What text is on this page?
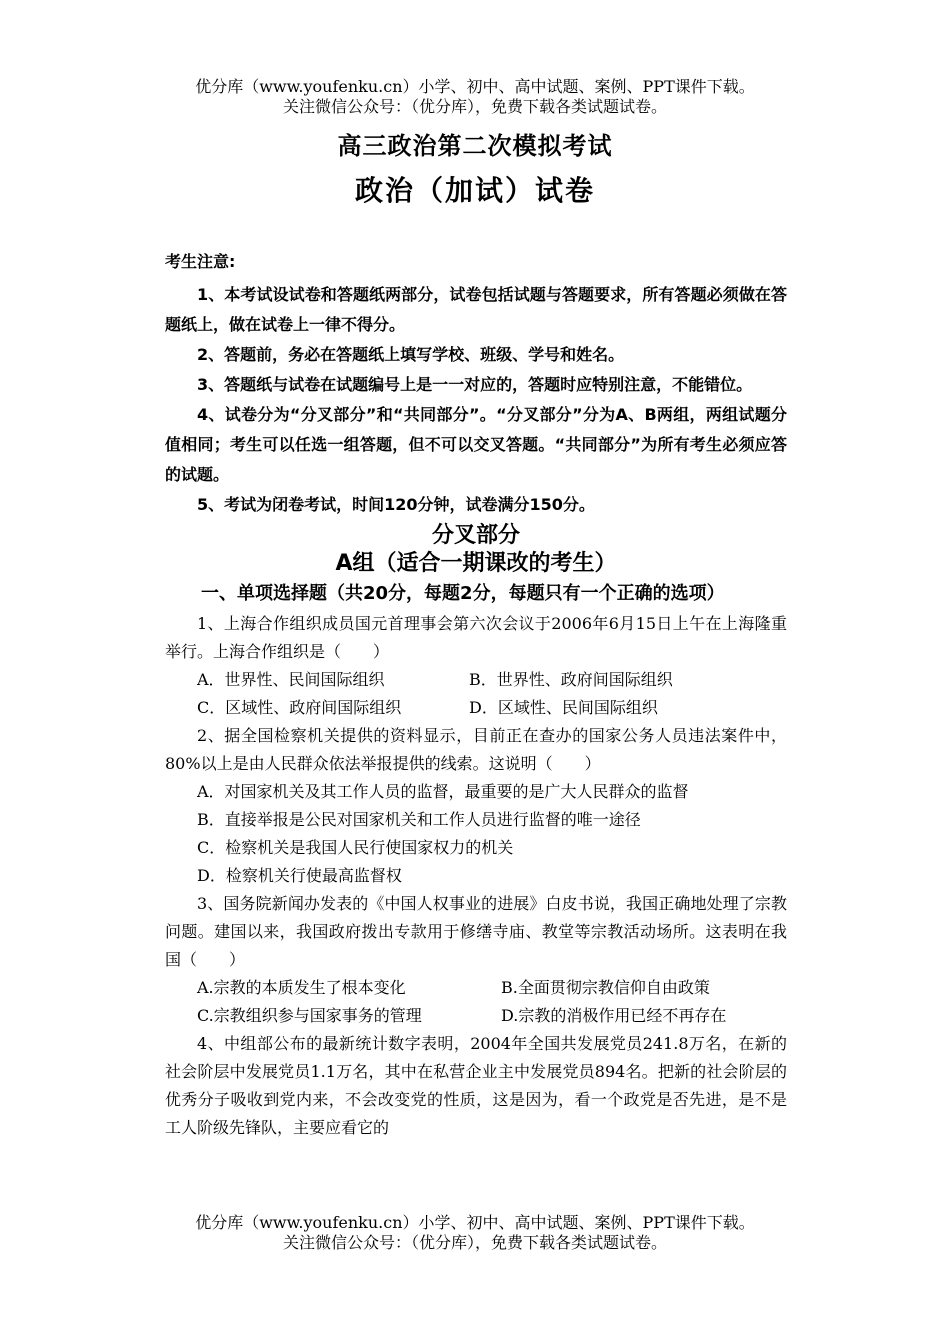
优分库（www.youfenku.cn）小学、初中、高中试题、案例、PPT课件下载。
关注微信公众号：（优分库），免费下载各类试题试卷。
高三政治第二次模拟考试
政治（加试）试卷
考生注意:

1、本考试设试卷和答题纸两部分，试卷包括试题与答题要求，所有答题必须做在答题纸上，做在试卷上一律不得分。

2、答题前，务必在答题纸上填写学校、班级、学号和姓名。

3、答题纸与试卷在试题编号上是一一对应的，答题时应特别注意，不能错位。

4、试卷分为“分叉部分”和“共同部分”。“分叉部分”分为A、B两组，两组试题分值相同；考生可以任选一组答题，但不可以交叉答题。“共同部分”为所有考生必须应答的试题。

5、考试为闭卷考试，时间120分钟，试卷满分150分。

分叉部分
A组（适合一期课改的考生）
一、单项选择题（共20分，每题2分，每题只有一个正确的选项）

1、上海合作组织成员国元首理事会第六次会议于2006年6月15日上午在上海隆重举行。上海合作组织是（　　）

A．世界性、民间国际组织	B．世界性、政府间国际组织
C．区域性、政府间国际组织	D．区域性、民间国际组织

2、据全国检察机关提供的资料显示，目前正在查办的国家公务人员违法案件中，80%以上是由人民群众依法举报提供的线索。这说明（　　）

A．对国家机关及其工作人员的监督，最重要的是广大人民群众的监督

B．直接举报是公民对国家机关和工作人员进行监督的唯一途径

C．检察机关是我国人民行使国家权力的机关

D．检察机关行使最高监督权

3、国务院新闻办发表的《中国人权事业的进展》白皮书说，我国正确地处理了宗教问题。建国以来，我国政府拨出专款用于修缮寺庙、教堂等宗教活动场所。这表明在我国（　　）

A.宗教的本质发生了根本变化	B.全面贯彻宗教信仰自由政策
C.宗教组织参与国家事务的管理	D.宗教的消极作用已经不再存在

4、中组部公布的最新统计数字表明，2004年全国共发展党员241.8万名，在新的社会阶层中发展党员1.1万名，其中在私营企业主中发展党员894名。把新的社会阶层的优秀分子吸收到党内来，不会改变党的性质，这是因为，看一个政党是否先进，是不是工人阶级先锋队，主要应看它的

优分库（www.youfenku.cn）小学、初中、高中试题、案例、PPT课件下载。
关注微信公众号：（优分库），免费下载各类试题试卷。
